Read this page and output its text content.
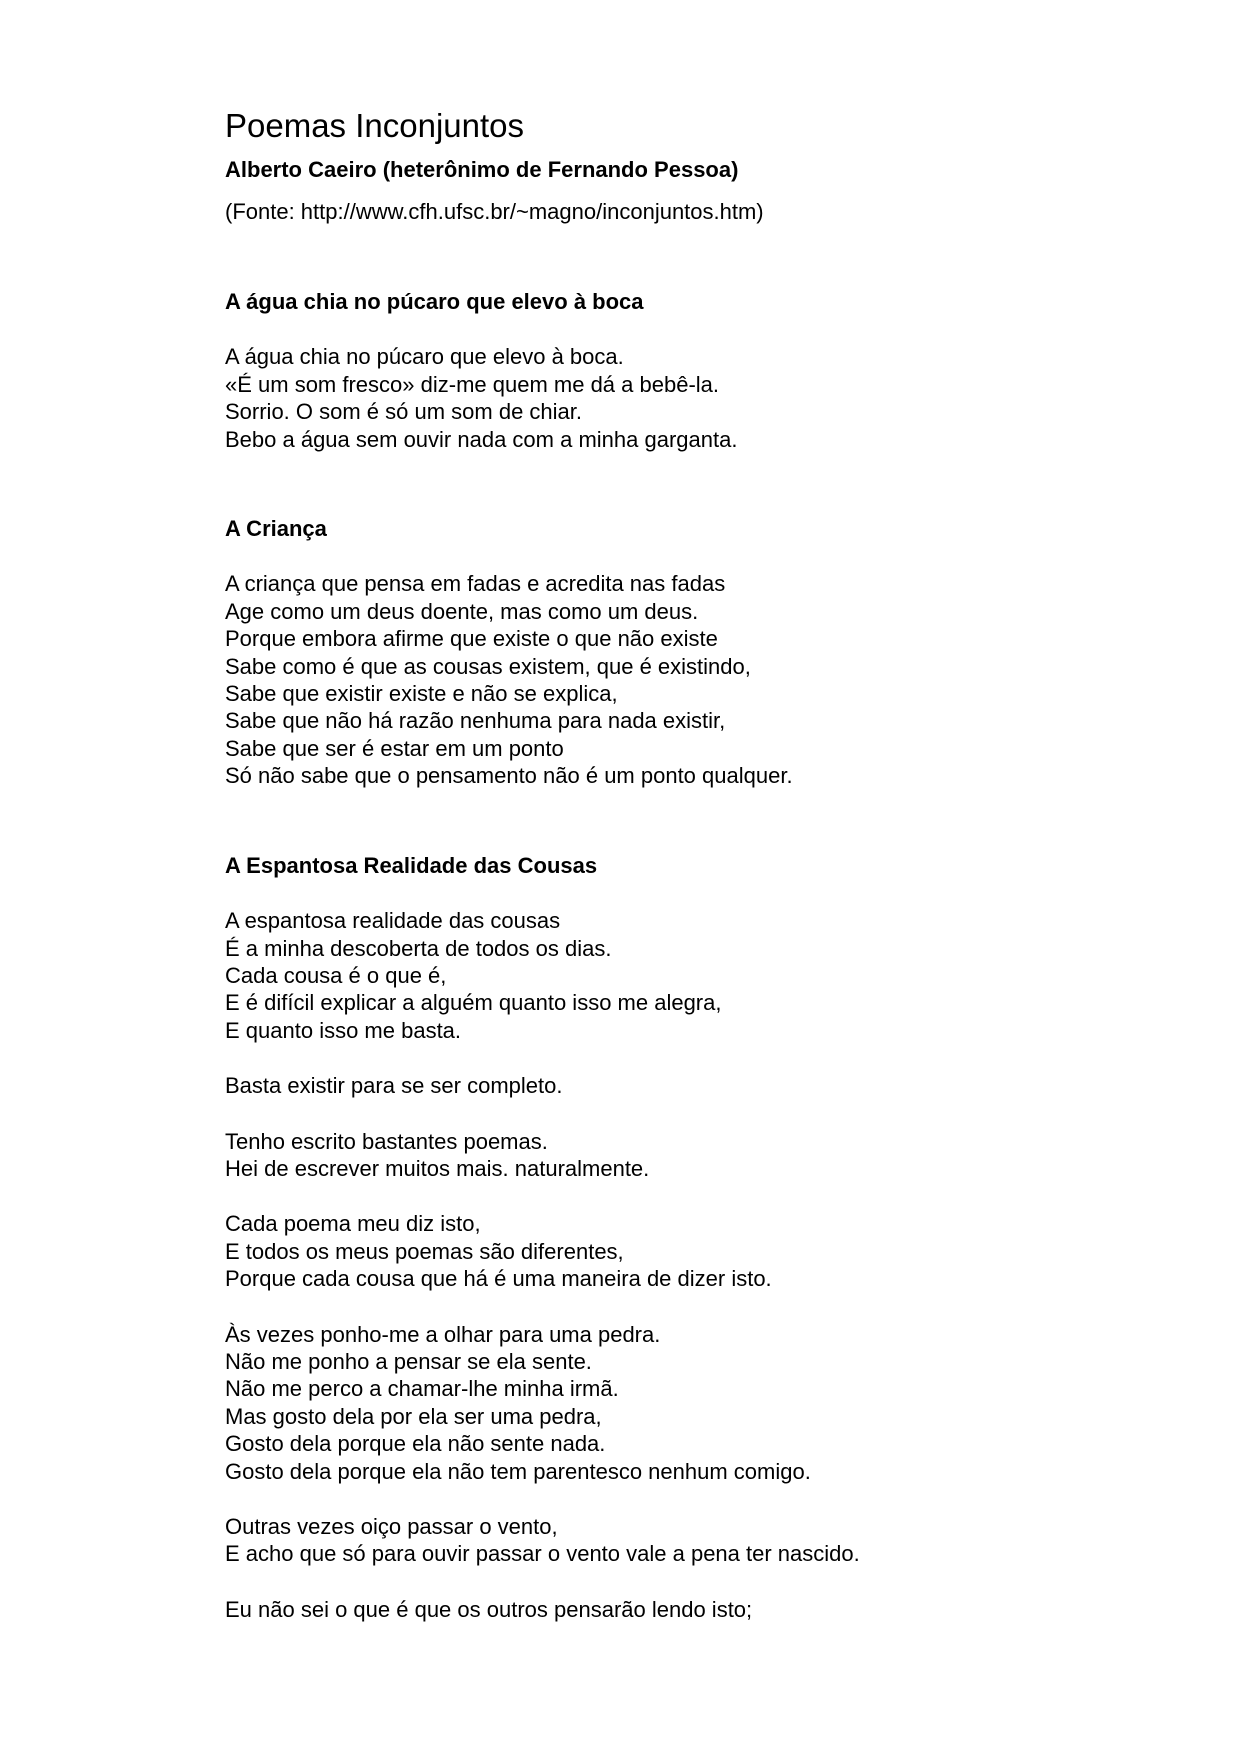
Poemas Inconjuntos
Alberto Caeiro (heterônimo de Fernando Pessoa)
(Fonte: http://www.cfh.ufsc.br/~magno/inconjuntos.htm)
A água chia no púcaro que elevo à boca
A água chia no púcaro que elevo à boca.
«É um som fresco» diz-me quem me dá a bebê-la.
Sorrio. O som é só um som de chiar.
Bebo a água sem ouvir nada com a minha garganta.
A Criança
A criança que pensa em fadas e acredita nas fadas
Age como um deus doente, mas como um deus.
Porque embora afirme que existe o que não existe
Sabe como é que as cousas existem, que é existindo,
Sabe que existir existe e não se explica,
Sabe que não há razão nenhuma para nada existir,
Sabe que ser é estar em um ponto
Só não sabe que o pensamento não é um ponto qualquer.
A Espantosa Realidade das Cousas
A espantosa realidade das cousas
É a minha descoberta de todos os dias.
Cada cousa é o que é,
E é difícil explicar a alguém quanto isso me alegra,
E quanto isso me basta.
Basta existir para se ser completo.
Tenho escrito bastantes poemas.
Hei de escrever muitos mais. naturalmente.
Cada poema meu diz isto,
E todos os meus poemas são diferentes,
Porque cada cousa que há é uma maneira de dizer isto.
Às vezes ponho-me a olhar para uma pedra.
Não me ponho a pensar se ela sente.
Não me perco a chamar-lhe minha irmã.
Mas gosto dela por ela ser uma pedra,
Gosto dela porque ela não sente nada.
Gosto dela porque ela não tem parentesco nenhum comigo.
Outras vezes oiço passar o vento,
E acho que só para ouvir passar o vento vale a pena ter nascido.
Eu não sei o que é que os outros pensarão lendo isto;
